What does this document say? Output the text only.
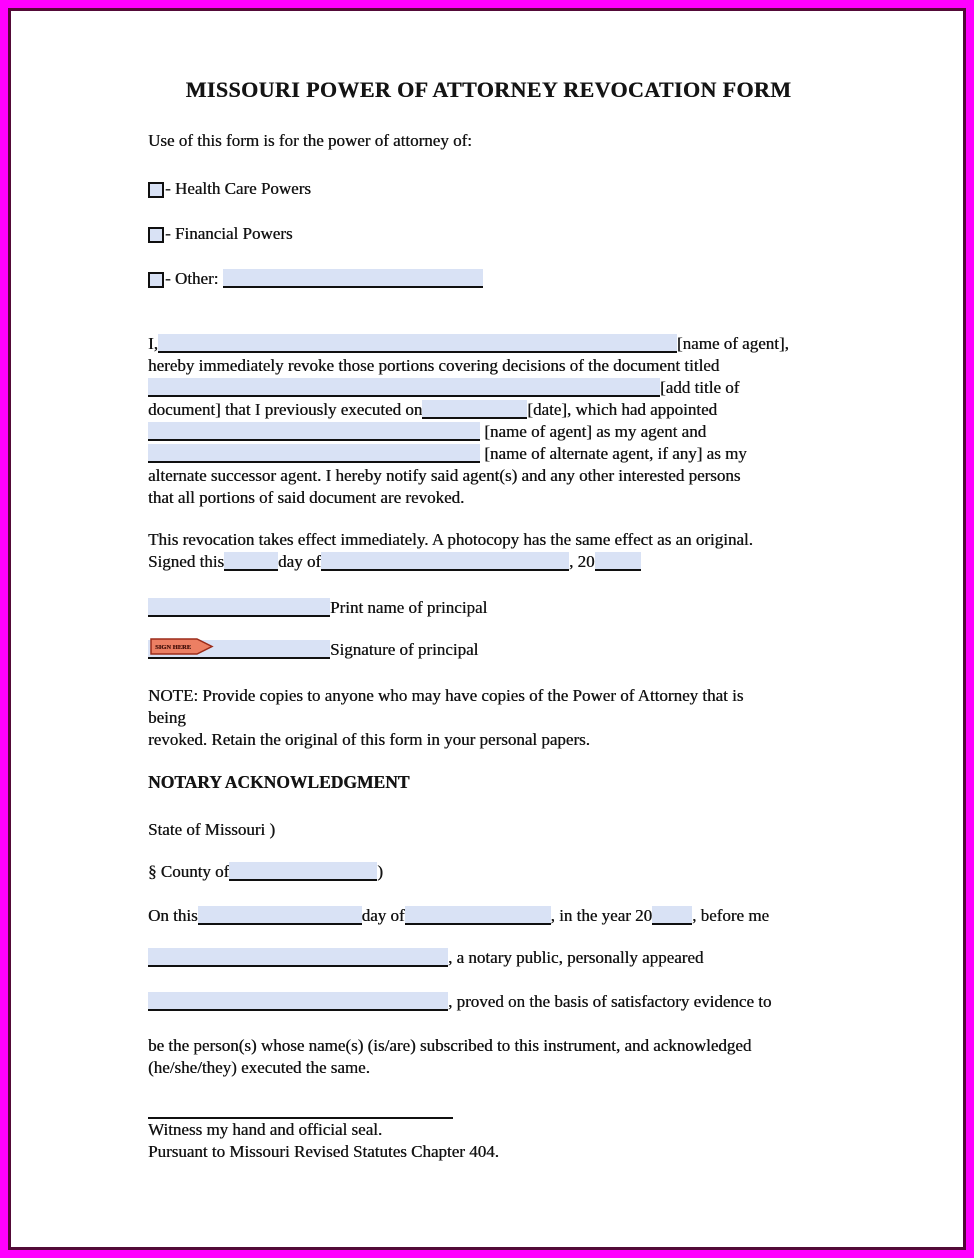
MISSOURI POWER OF ATTORNEY REVOCATION FORM
Use of this form is for the power of attorney of:
- Health Care Powers
- Financial Powers
- Other:
I,	[name of agent],
hereby immediately revoke those portions covering decisions of the document titled
[add title of
document] that I previously executed on	[date], which had appointed
[name of agent] as my agent and
[name of alternate agent, if any] as my
alternate successor agent. I hereby notify said agent(s) and any other interested persons
that all portions of said document are revoked.
This revocation takes effect immediately. A photocopy has the same effect as an original.
Signed this	day of	, 20
Print name of principal
SIGN HERE	Signature of principal
NOTE: Provide copies to anyone who may have copies of the Power of Attorney that is
being
revoked. Retain the original of this form in your personal papers.
NOTARY ACKNOWLEDGMENT
State of Missouri )
§ County of	)
On this	day of	, in the year 20 , before me
, a notary public, personally appeared
, proved on the basis of satisfactory evidence to
be the person(s) whose name(s) (is/are) subscribed to this instrument, and acknowledged
(he/she/they) executed the same.
Witness my hand and official seal.
Pursuant to Missouri Revised Statutes Chapter 404.
